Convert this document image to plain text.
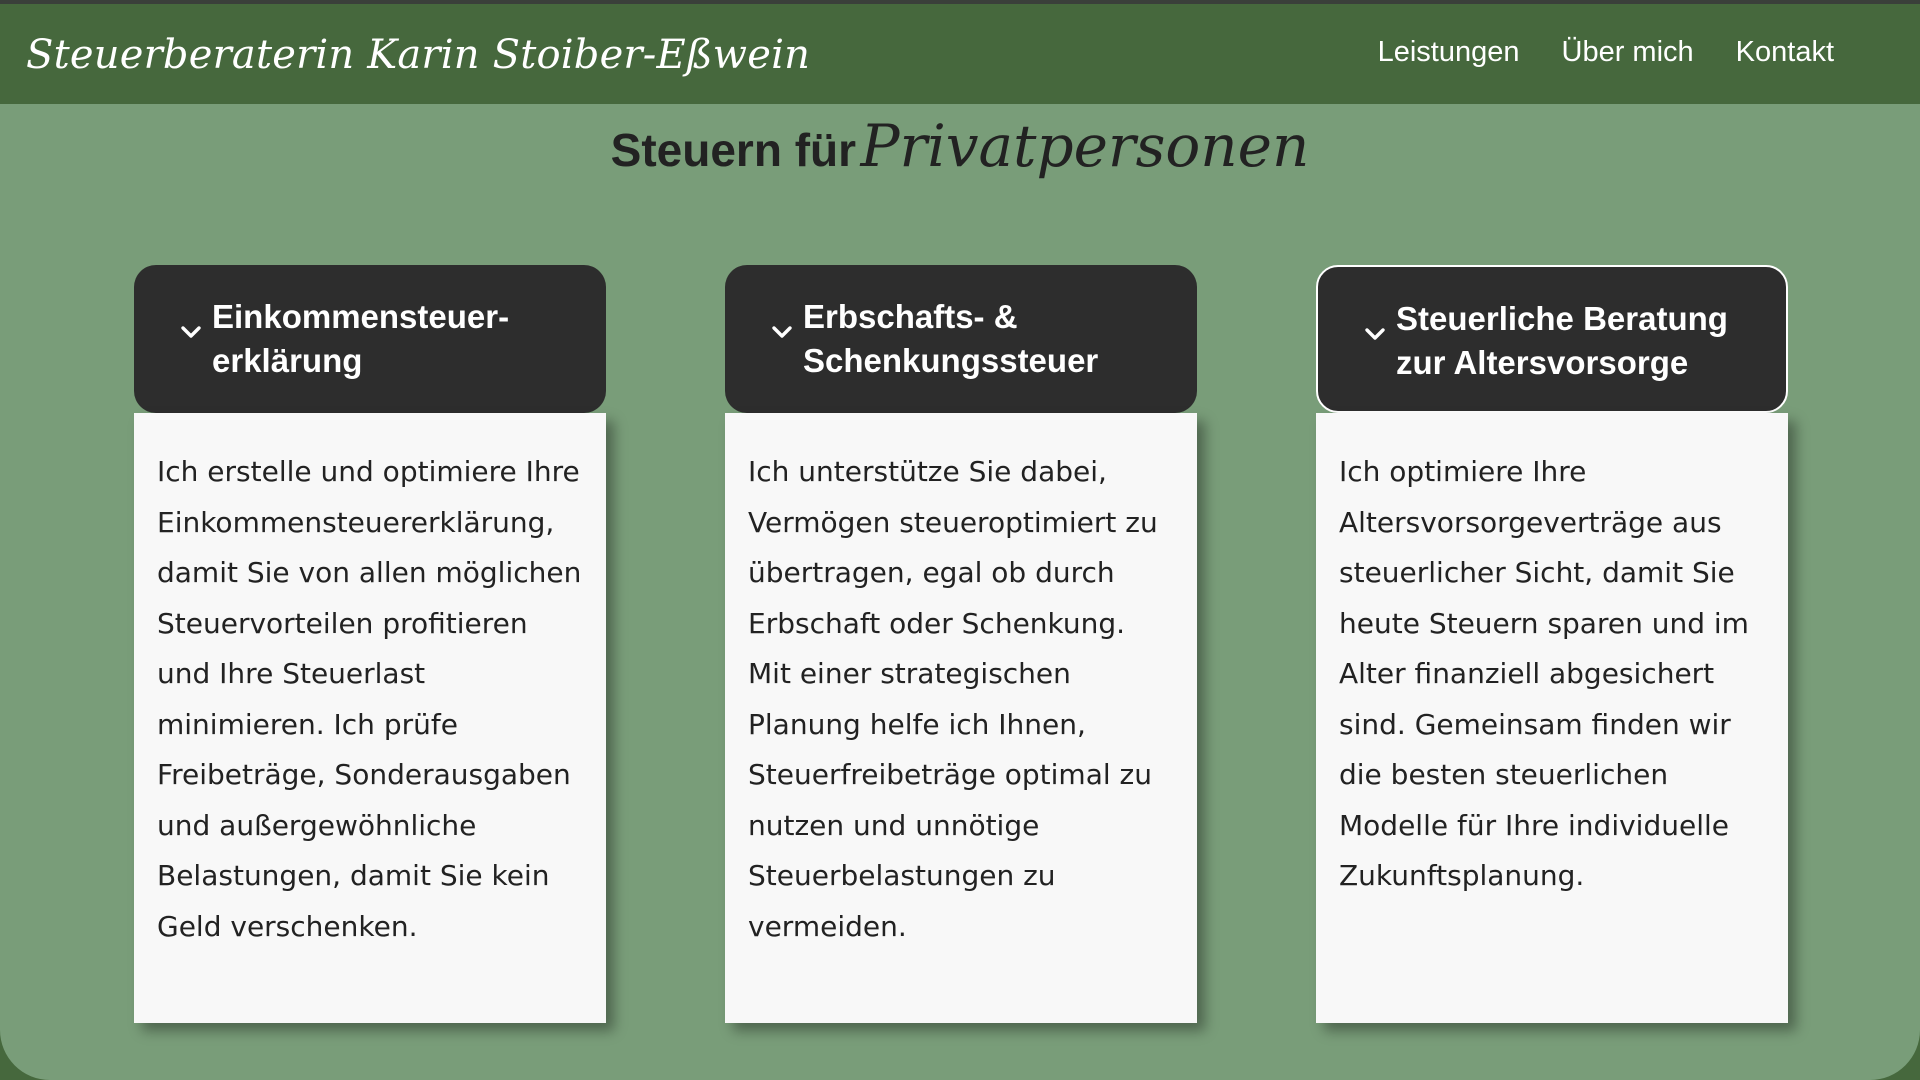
Steuerberaterin Karin Stoiber-Eßwein	Leistungen Über mich Kontakt
Steuern für Privatpersonen
Einkommensteuer-
erklärung
Ich erstelle und optimiere Ihre Einkommensteuererklärung, damit Sie von allen möglichen Steuervorteilen profitieren und Ihre Steuerlast minimieren. Ich prüfe Freibeträge, Sonderausgaben und außergewöhnliche Belastungen, damit Sie kein Geld verschenken.
Erbschafts- &
Schenkungssteuer
Ich unterstütze Sie dabei, Vermögen steueroptimiert zu übertragen, egal ob durch Erbschaft oder Schenkung. Mit einer strategischen Planung helfe ich Ihnen, Steuerfreibeträge optimal zu nutzen und unnötige Steuerbelastungen zu vermeiden.
Steuerliche Beratung
zur Altersvorsorge
Ich optimiere Ihre Altersvorsorgeverträge aus steuerlicher Sicht, damit Sie heute Steuern sparen und im Alter finanziell abgesichert sind. Gemeinsam finden wir die besten steuerlichen Modelle für Ihre individuelle Zukunftsplanung.
